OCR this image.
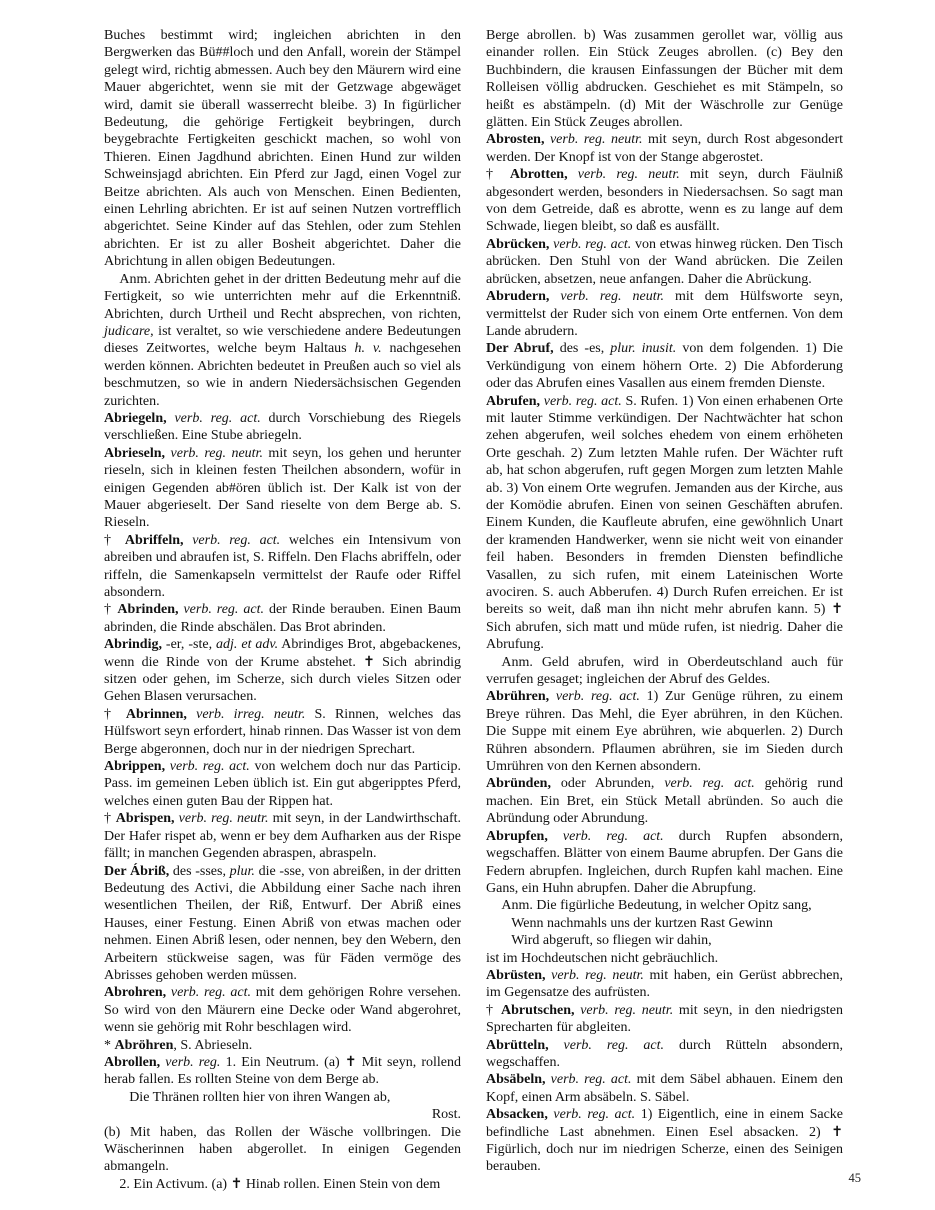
Buches bestimmt wird; ingleichen abrichten in den Bergwerken das Bü##loch und den Anfall, worein der Stämpel gelegt wird, richtig abmessen. Auch bey den Mäurern wird eine Mauer abgerichtet, wenn sie mit der Getzwage abgewäget wird, damit sie überall wasserrecht bleibe. 3) In figürlicher Bedeutung, die gehörige Fertigkeit beybringen, durch beygebrachte Fertigkeiten geschickt machen, so wohl von Thieren. Einen Jagdhund abrichten. Einen Hund zur wilden Schweinsjagd abrichten. Ein Pferd zur Jagd, einen Vogel zur Beitze abrichten. Als auch von Menschen. Einen Bedienten, einen Lehrling abrichten. Er ist auf seinen Nutzen vortrefflich abgerichtet. Seine Kinder auf das Stehlen, oder zum Stehlen abrichten. Er ist zu aller Bosheit abgerichtet. Daher die Abrichtung in allen obigen Bedeutungen.

Anm. Abrichten gehet in der dritten Bedeutung mehr auf die Fertigkeit, so wie unterrichten mehr auf die Erkenntniß. Abrichten, durch Urtheil und Recht absprechen, von richten, judicare, ist veraltet, so wie verschiedene andere Bedeutungen dieses Zeitwortes, welche beym Haltaus h. v. nachgesehen werden können. Abrichten bedeutet in Preußen auch so viel als beschmutzen, so wie in andern Niedersächsischen Gegenden zurichten.

Abriegeln, verb. reg. act. durch Vorschiebung des Riegels verschließen. Eine Stube abriegeln.

Abrieseln, verb. reg. neutr. mit seyn, los gehen und herunter rieseln, sich in kleinen festen Theilchen absondern, wofür in einigen Gegenden ab#ören üblich ist. Der Kalk ist von der Mauer abgerieselt. Der Sand rieselte von dem Berge ab. S. Rieseln.

† Abriffeln, verb. reg. act. welches ein Intensivum von abreiben und abraufen ist, S. Riffeln. Den Flachs abriffeln, oder riffeln, die Samenkapseln vermittelst der Raufe oder Riffel absondern.

† Abrinden, verb. reg. act. der Rinde berauben. Einen Baum abrinden, die Rinde abschälen. Das Brot abrinden.

Abrindig, -er, -ste, adj. et adv. Abrindiges Brot, abgebackenes, wenn die Rinde von der Krume abstehet. ✝ Sich abrindig sitzen oder gehen, im Scherze, sich durch vieles Sitzen oder Gehen Blasen verursachen.

† Abrinnen, verb. irreg. neutr. S. Rinnen, welches das Hülfswort seyn erfordert, hinab rinnen. Das Wasser ist von dem Berge abgeronnen, doch nur in der niedrigen Sprechart.

Abrippen, verb. reg. act. von welchem doch nur das Particip. Pass. im gemeinen Leben üblich ist. Ein gut abgeripptes Pferd, welches einen guten Bau der Rippen hat.

† Abrispen, verb. reg. neutr. mit seyn, in der Landwirthschaft. Der Hafer rispet ab, wenn er bey dem Aufharken aus der Rispe fällt; in manchen Gegenden abraspen, abraspeln.

Der Ábriß, des -sses, plur. die -sse, von abreißen, in der dritten Bedeutung des Activi, die Abbildung einer Sache nach ihren wesentlichen Theilen, der Riß, Entwurf. Der Abriß eines Hauses, einer Festung. Einen Abriß von etwas machen oder nehmen. Einen Abriß lesen, oder nennen, bey den Webern, den Arbeitern stückweise sagen, was für Fäden vermöge des Abrisses gehoben werden müssen.

Abrohren, verb. reg. act. mit dem gehörigen Rohre versehen. So wird von den Mäurern eine Decke oder Wand abgerohret, wenn sie gehörig mit Rohr beschlagen wird.

* Abröhren, S. Abrieseln.

Abrollen, verb. reg. 1. Ein Neutrum. (a) ✝ Mit seyn, rollend herab fallen. Es rollten Steine von dem Berge ab.

Die Thränen rollten hier von ihren Wangen ab,

Rost.

(b) Mit haben, das Rollen der Wäsche vollbringen. Die Wäscherinnen haben abgerollet. In einigen Gegenden abmangeln.

2. Ein Activum. (a) ✝ Hinab rollen. Einen Stein von dem

Berge abrollen. b) Was zusammen gerollet war, völlig aus einander rollen. Ein Stück Zeuges abrollen. (c) Bey den Buchbindern, die krausen Einfassungen der Bücher mit dem Rolleisen völlig abdrucken. Geschiehet es mit Stämpeln, so heißt es abstämpeln. (d) Mit der Wäschrolle zur Genüge glätten. Ein Stück Zeuges abrollen.

Abrosten, verb. reg. neutr. mit seyn, durch Rost abgesondert werden. Der Knopf ist von der Stange abgerostet.

† Abrotten, verb. reg. neutr. mit seyn, durch Fäulniß abgesondert werden, besonders in Niedersachsen. So sagt man von dem Getreide, daß es abrotte, wenn es zu lange auf dem Schwade, liegen bleibt, so daß es ausfällt.

Abrücken, verb. reg. act. von etwas hinweg rücken. Den Tisch abrücken. Den Stuhl von der Wand abrücken. Die Zeilen abrücken, absetzen, neue anfangen. Daher die Abrückung.

Abrudern, verb. reg. neutr. mit dem Hülfsworte seyn, vermittelst der Ruder sich von einem Orte entfernen. Von dem Lande abrudern.

Der Abruf, des -es, plur. inusit. von dem folgenden. 1) Die Verkündigung von einem höhern Orte. 2) Die Abforderung oder das Abrufen eines Vasallen aus einem fremden Dienste.

Abrufen, verb. reg. act. S. Rufen. 1) Von einen erhabenen Orte mit lauter Stimme verkündigen. Der Nachtwächter hat schon zehen abgerufen, weil solches ehedem von einem erhöheten Orte geschah. 2) Zum letzten Mahle rufen. Der Wächter ruft ab, hat schon abgerufen, ruft gegen Morgen zum letzten Mahle ab. 3) Von einem Orte wegrufen. Jemanden aus der Kirche, aus der Komödie abrufen. Einen von seinen Geschäften abrufen. Einem Kunden, die Kaufleute abrufen, eine gewöhnlich Unart der kramenden Handwerker, wenn sie nicht weit von einander feil haben. Besonders in fremden Diensten befindliche Vasallen, zu sich rufen, mit einem Lateinischen Worte avociren. S. auch Abberufen. 4) Durch Rufen erreichen. Er ist bereits so weit, daß man ihn nicht mehr abrufen kann. 5) ✝ Sich abrufen, sich matt und müde rufen, ist niedrig. Daher die Abrufung.

Anm. Geld abrufen, wird in Oberdeutschland auch für verrufen gesaget; ingleichen der Abruf des Geldes.

Abrühren, verb. reg. act. 1) Zur Genüge rühren, zu einem Breye rühren. Das Mehl, die Eyer abrühren, in den Küchen. Die Suppe mit einem Eye abrühren, wie abquerlen. 2) Durch Rühren absondern. Pflaumen abrühren, sie im Sieden durch Umrühren von den Kernen absondern.

Abründen, oder Abrunden, verb. reg. act. gehörig rund machen. Ein Bret, ein Stück Metall abründen. So auch die Abründung oder Abrundung.

Abrupfen, verb. reg. act. durch Rupfen absondern, wegschaffen. Blätter von einem Baume abrupfen. Der Gans die Federn abrupfen. Ingleichen, durch Rupfen kahl machen. Eine Gans, ein Huhn abrupfen. Daher die Abrupfung.

Anm. Die figürliche Bedeutung, in welcher Opitz sang,

Wenn nachmahls uns der kurtzen Rast Gewinn

Wird abgeruft, so fliegen wir dahin,

ist im Hochdeutschen nicht gebräuchlich.

Abrüsten, verb. reg. neutr. mit haben, ein Gerüst abbrechen, im Gegensatze des aufrüsten.

† Abrutschen, verb. reg. neutr. mit seyn, in den niedrigsten Sprecharten für abgleiten.

Abrütteln, verb. reg. act. durch Rütteln absondern, wegschaffen.

Absäbeln, verb. reg. act. mit dem Säbel abhauen. Einem den Kopf, einen Arm absäbeln. S. Säbel.

Absacken, verb. reg. act. 1) Eigentlich, eine in einem Sacke befindliche Last abnehmen. Einen Esel absacken. 2) ✝ Figürlich, doch nur im niedrigen Scherze, einen des Seinigen berauben.

45
